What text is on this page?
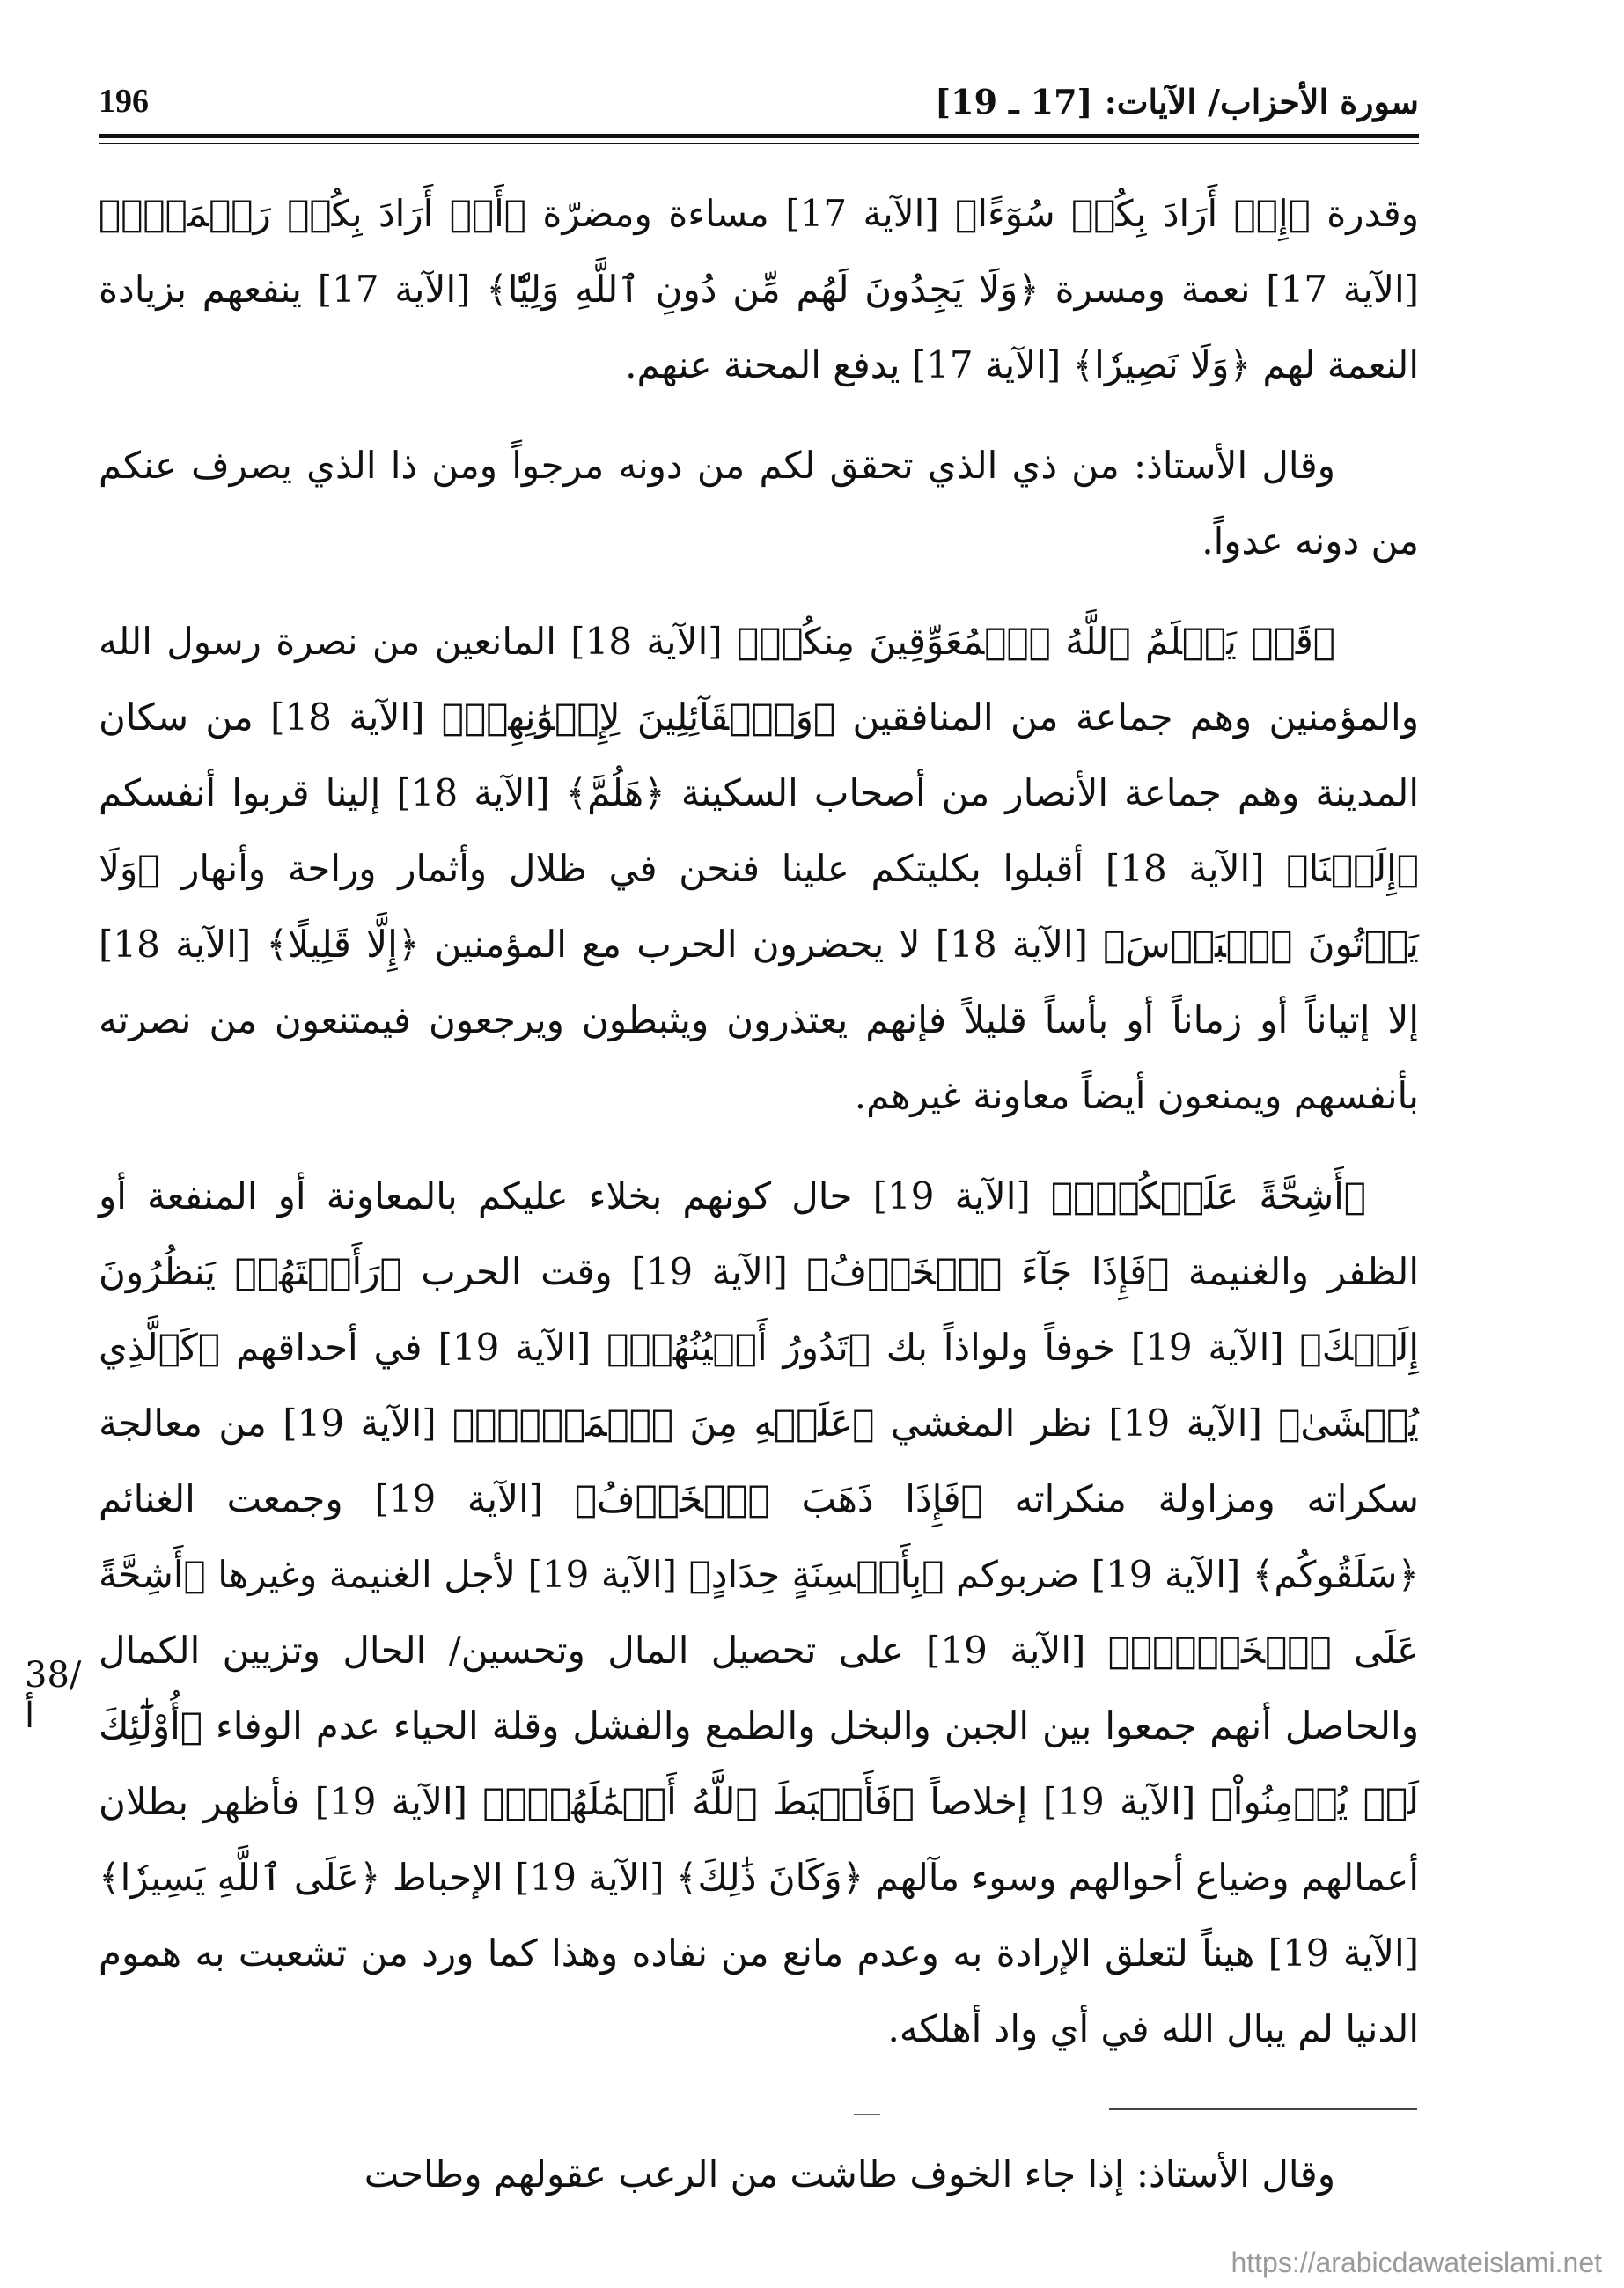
196	سورة الأحزاب/ الآيات: [17 ـ 19]

وقدرة ﴿إِنۡ أَرَادَ بِكُمۡ سُوٓءًا﴾ [الآية 17] مساءة ومضرّة ﴿أَوۡ أَرَادَ بِكُمۡ رَحۡمَةٗۚ﴾ [الآية 17] نعمة ومسرة ﴿وَلَا يَجِدُونَ لَهُم مِّن دُونِ ٱللَّهِ وَلِيّٗا﴾ [الآية 17] ينفعهم بزيادة النعمة لهم ﴿وَلَا نَصِيرٗا﴾ [الآية 17] يدفع المحنة عنهم.

وقال الأستاذ: من ذي الذي تحقق لكم من دونه مرجواً ومن ذا الذي يصرف عنكم من دونه عدواً.

﴿قَدۡ يَعۡلَمُ ٱللَّهُ ٱلۡمُعَوِّقِينَ مِنكُمۡ﴾ [الآية 18] المانعين من نصرة رسول الله والمؤمنين وهم جماعة من المنافقين ﴿وَٱلۡقَآئِلِينَ لِإِخۡوَٰنِهِمۡ﴾ [الآية 18] من سكان المدينة وهم جماعة الأنصار من أصحاب السكينة ﴿هَلُمَّ﴾ [الآية 18] إلينا قربوا أنفسكم ﴿إِلَيۡنَا﴾ [الآية 18] أقبلوا بكليتكم علينا فنحن في ظلال وأثمار وراحة وأنهار ﴿وَلَا يَأۡتُونَ ٱلۡبَأۡسَ﴾ [الآية 18] لا يحضرون الحرب مع المؤمنين ﴿إِلَّا قَلِيلًا﴾ [الآية 18] إلا إتياناً أو زماناً أو بأساً قليلاً فإنهم يعتذرون ويثبطون ويرجعون فيمتنعون من نصرته بأنفسهم ويمنعون أيضاً معاونة غيرهم.

﴿أَشِحَّةً عَلَيۡكُمۡۖ﴾ [الآية 19] حال كونهم بخلاء عليكم بالمعاونة أو المنفعة أو الظفر والغنيمة ﴿فَإِذَا جَآءَ ٱلۡخَوۡفُ﴾ [الآية 19] وقت الحرب ﴿رَأَيۡتَهُمۡ يَنظُرُونَ إِلَيۡكَ﴾ [الآية 19] خوفاً ولواذاً بك ﴿تَدُورُ أَعۡيُنُهُمۡ﴾ [الآية 19] في أحداقهم ﴿كَٱلَّذِي يُغۡشَىٰ﴾ [الآية 19] نظر المغشي ﴿عَلَيۡهِ مِنَ ٱلۡمَوۡتِۖ﴾ [الآية 19] من معالجة سكراته ومزاولة منكراته ﴿فَإِذَا ذَهَبَ ٱلۡخَوۡفُ﴾ [الآية 19] وجمعت الغنائم ﴿سَلَقُوكُم﴾ [الآية 19] ضربوكم ﴿بِأَلۡسِنَةٍ حِدَادٍ﴾ [الآية 19] لأجل الغنيمة وغيرها ﴿أَشِحَّةً عَلَى ٱلۡخَيۡرِۚ﴾ [الآية 19] على تحصيل المال وتحسين/ الحال وتزيين الكمال والحاصل أنهم جمعوا بين الجبن والبخل والطمع والفشل وقلة الحياء عدم الوفاء ﴿أُوْلَٰٓئِكَ لَمۡ يُؤۡمِنُواْ﴾ [الآية 19] إخلاصاً ﴿فَأَحۡبَطَ ٱللَّهُ أَعۡمَٰلَهُمۡۚ﴾ [الآية 19] فأظهر بطلان أعمالهم وضياع أحوالهم وسوء مآلهم ﴿وَكَانَ ذَٰلِكَ﴾ [الآية 19] الإحباط ﴿عَلَى ٱللَّهِ يَسِيرٗا﴾ [الآية 19] هيناً لتعلق الإرادة به وعدم مانع من نفاده وهذا كما ورد من تشعبت به هموم الدنيا لم يبال الله في أي واد أهلكه.

38/ أ
وقال الأستاذ: إذا جاء الخوف طاشت من الرعب عقولهم وطاحت
https://arabicdawateislami.net
